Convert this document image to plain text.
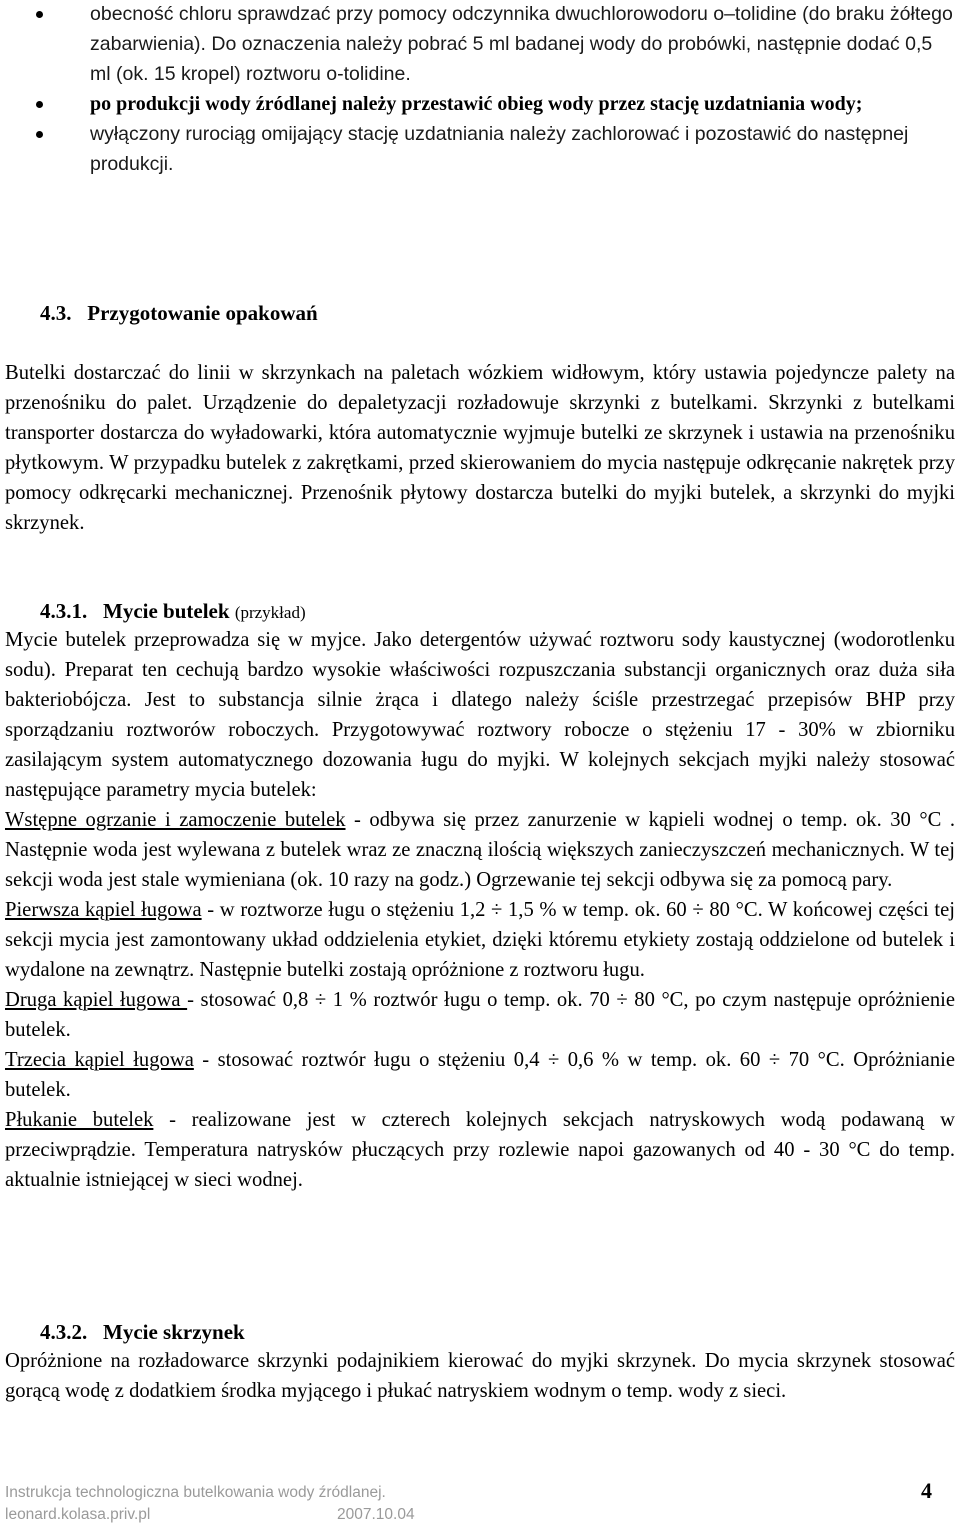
obecność chloru sprawdzać przy pomocy odczynnika dwuchlorowodoru o–tolidine (do braku żółtego zabarwienia). Do oznaczenia należy pobrać 5 ml badanej wody do probówki, następnie dodać 0,5 ml (ok. 15 kropel) roztworu o-tolidine.
po produkcji wody źródlanej należy przestawić obieg wody przez stację uzdatniania wody;
wyłączony rurociąg omijający stację uzdatniania należy zachlorować i pozostawić do następnej produkcji.
4.3. Przygotowanie opakowań

Butelki dostarczać do linii w skrzynkach na paletach wózkiem widłowym, który ustawia pojedyncze palety na przenośniku do palet. Urządzenie do depaletyzacji rozładowuje skrzynki z butelkami. Skrzynki z butelkami transporter dostarcza do wyładowarki, która automatycznie wyjmuje butelki ze skrzynek i ustawia na przenośniku płytkowym. W przypadku butelek z zakrętkami, przed skierowaniem do mycia następuje odkręcanie nakrętek przy pomocy odkręcarki mechanicznej. Przenośnik płytowy dostarcza butelki do myjki butelek, a skrzynki do myjki skrzynek.

4.3.1. Mycie butelek (przykład)
Mycie butelek przeprowadza się w myjce. Jako detergentów używać roztworu sody kaustycznej (wodorotlenku sodu). Preparat ten cechują bardzo wysokie właściwości rozpuszczania substancji organicznych oraz duża siła bakteriobójcza. Jest to substancja silnie żrąca i dlatego należy ściśle przestrzegać przepisów BHP przy sporządzaniu roztworów roboczych. Przygotowywać roztwory robocze o stężeniu 17 - 30% w zbiorniku zasilającym system automatycznego dozowania ługu do myjki. W kolejnych sekcjach myjki należy stosować następujące parametry mycia butelek:
Wstępne ogrzanie i zamoczenie butelek - odbywa się przez zanurzenie w kąpieli wodnej o temp. ok. 30 °C . Następnie woda jest wylewana z butelek wraz ze znaczną ilością większych zanieczyszczeń mechanicznych. W tej sekcji woda jest stale wymieniana (ok. 10 razy na godz.) Ogrzewanie tej sekcji odbywa się za pomocą pary.
Pierwsza kąpiel ługowa - w roztworze ługu o stężeniu 1,2 ÷ 1,5 % w temp. ok. 60 ÷ 80 °C. W końcowej części tej sekcji mycia jest zamontowany układ oddzielenia etykiet, dzięki któremu etykiety zostają oddzielone od butelek i wydalone na zewnątrz. Następnie butelki zostają opróżnione z roztworu ługu.
Druga kąpiel ługowa - stosować 0,8 ÷ 1 % roztwór ługu o temp. ok. 70 ÷ 80 °C, po czym następuje opróżnienie butelek.
Trzecia kąpiel ługowa - stosować roztwór ługu o stężeniu 0,4 ÷ 0,6 % w temp. ok. 60 ÷ 70 °C. Opróżnianie butelek.
Płukanie butelek - realizowane jest w czterech kolejnych sekcjach natryskowych wodą podawaną w przeciwprądzie. Temperatura natrysków płuczących przy rozlewie napoi gazowanych od 40 - 30 °C do temp. aktualnie istniejącej w sieci wodnej.
4.3.2. Mycie skrzynek

Opróżnione na rozładowarce skrzynki podajnikiem kierować do myjki skrzynek. Do mycia skrzynek stosować gorącą wodę z dodatkiem środka myjącego i płukać natryskiem wodnym o temp. wody z sieci.

Instrukcja technologiczna butelkowania wody źródlanej.
leonard.kolasa.priv.pl	2007.10.04
4
